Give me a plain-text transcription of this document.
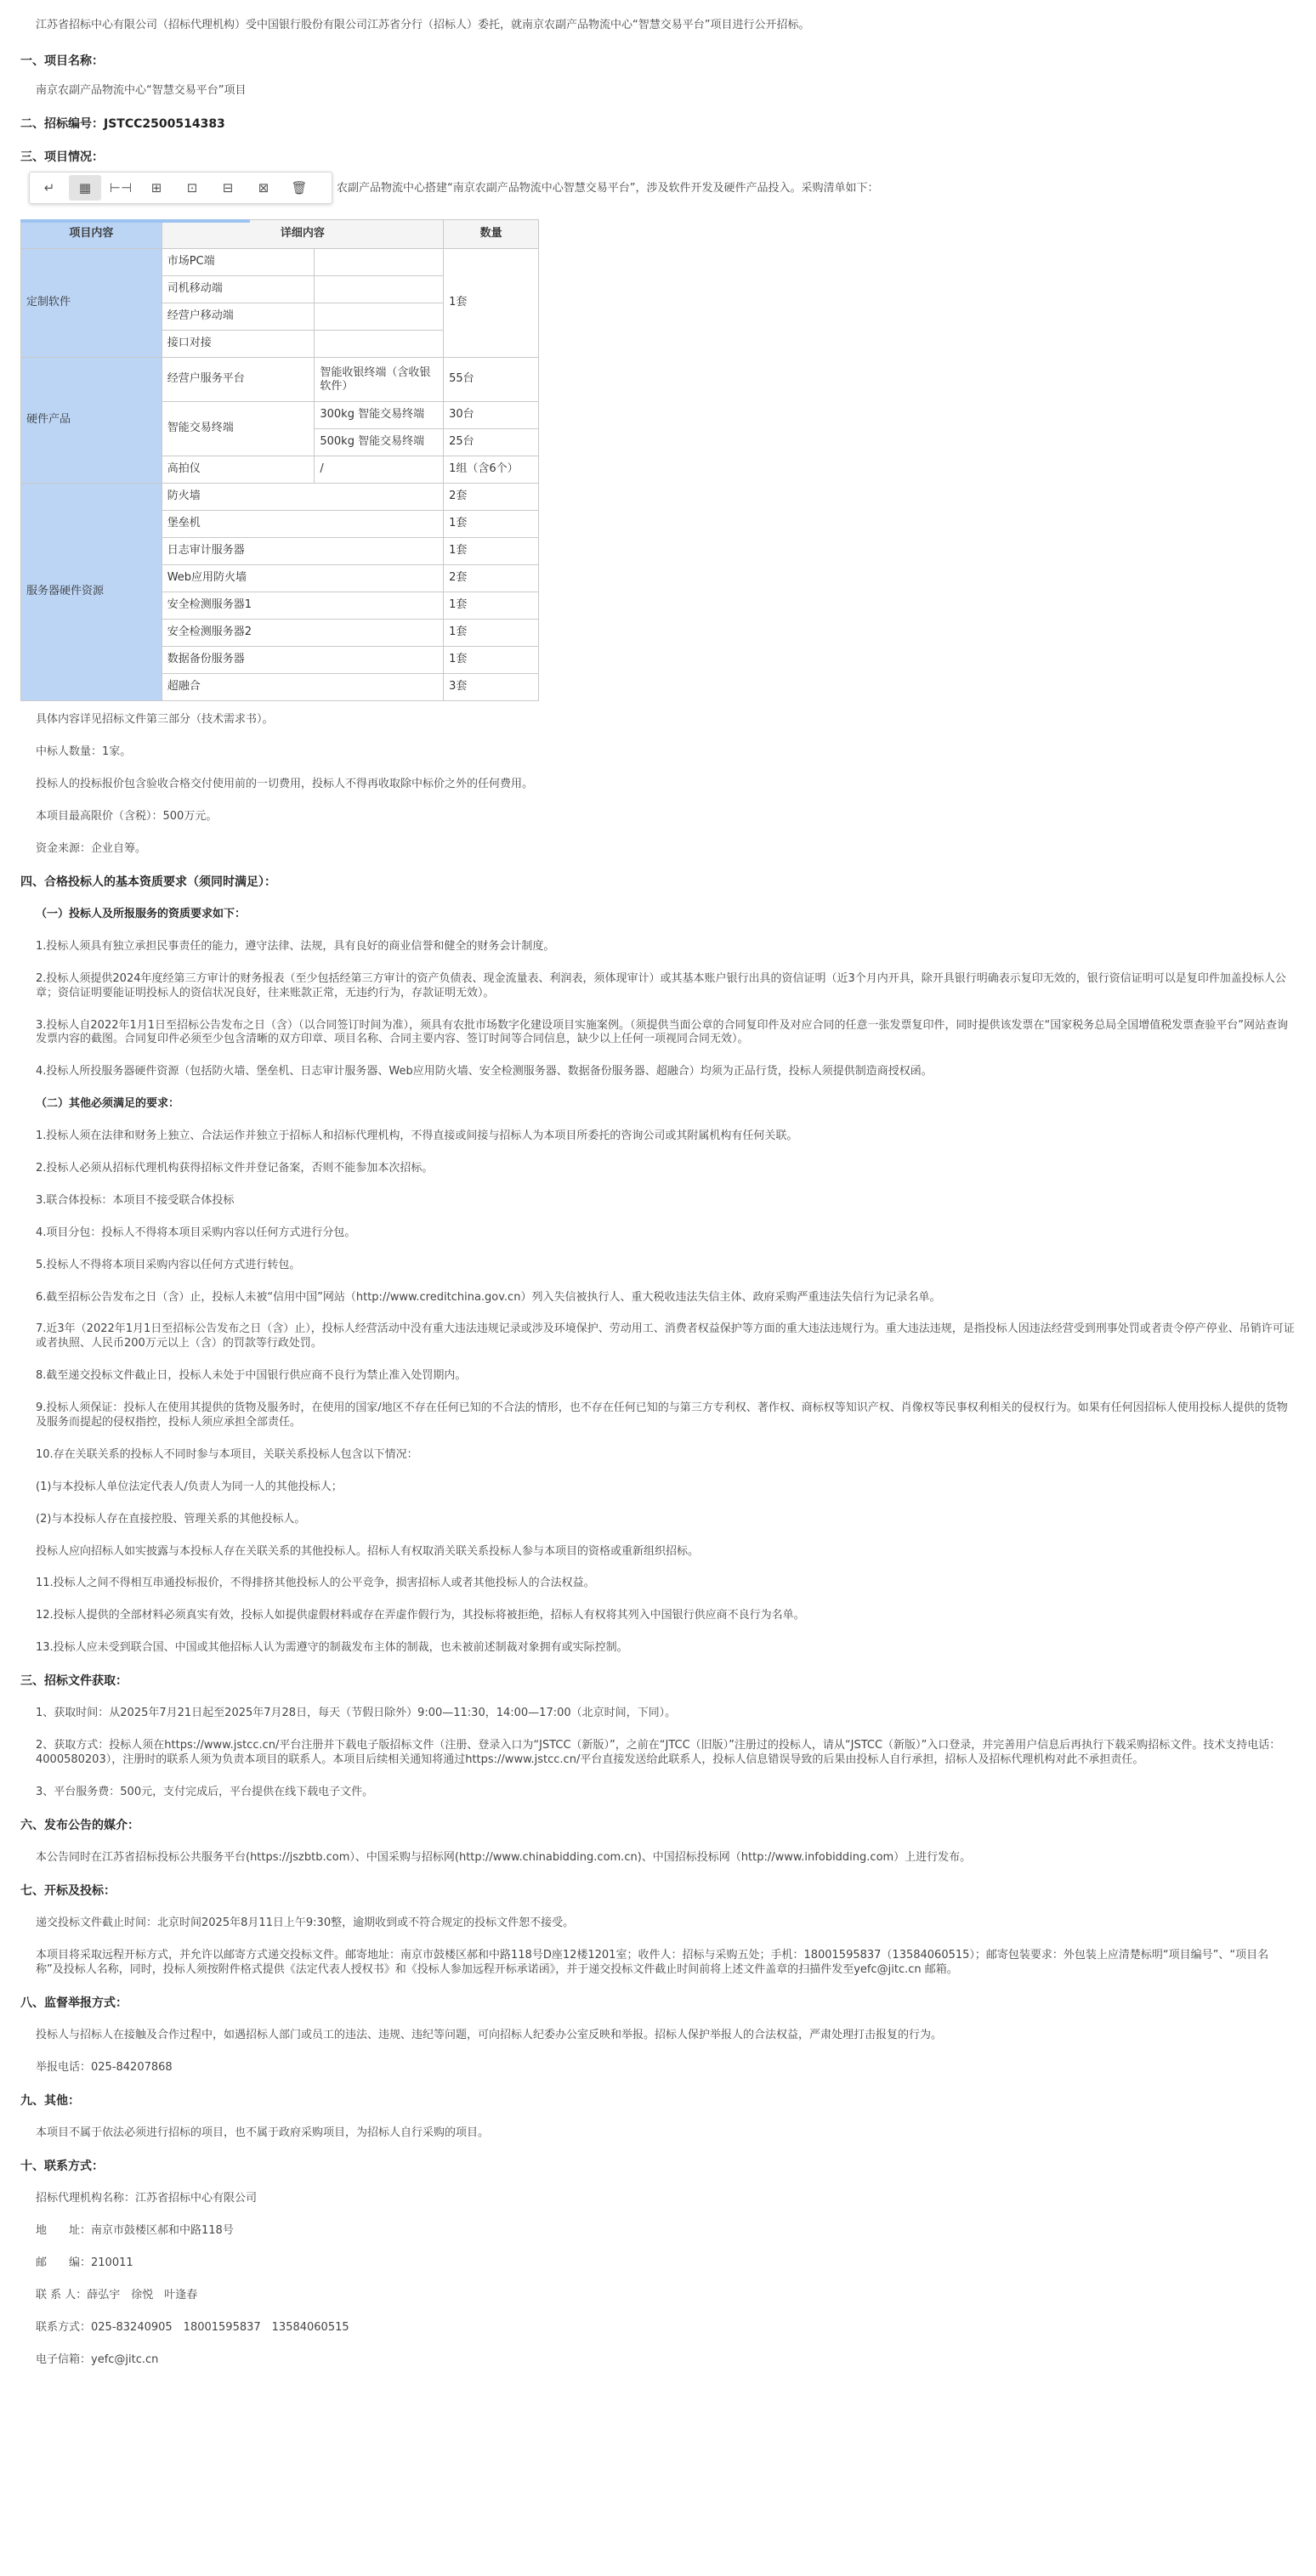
江苏省招标中心有限公司（招标代理机构）受中国银行股份有限公司江苏省分行（招标人）委托，就南京农副产品物流中心“智慧交易平台”项目进行公开招标。

一、项目名称：

南京农副产品物流中心“智慧交易平台”项目

二、招标编号：JSTCC2500514383

三、项目情况：

↵	▦	⊢⊣	⊞	⊡	⊟	⊠	🗑	农副产品物流中心搭建“南京农副产品物流中心智慧交易平台”，涉及软件开发及硬件产品投入。采购清单如下：
项目内容	详细内容		数量
定制软件	市场PC端		1套
	司机移动端		
	经营户移动端		
	接口对接		
硬件产品	经营户服务平台	智能收银终端（含收银软件）	55台
	智能交易终端	300kg 智能交易终端	30台
		500kg 智能交易终端	25台
	高拍仪	/	1组（含6个）
服务器硬件资源	防火墙		2套
	堡垒机		1套
	日志审计服务器		1套
	Web应用防火墙		2套
	安全检测服务器1		1套
	安全检测服务器2		1套
	数据备份服务器		1套
	超融合		3套

具体内容详见招标文件第三部分（技术需求书）。

中标人数量：1家。

投标人的投标报价包含验收合格交付使用前的一切费用，投标人不得再收取除中标价之外的任何费用。

本项目最高限价（含税）：500万元。

资金来源：企业自筹。

四、合格投标人的基本资质要求（须同时满足）：

（一）投标人及所报服务的资质要求如下：

1.投标人须具有独立承担民事责任的能力，遵守法律、法规，具有良好的商业信誉和健全的财务会计制度。

2.投标人须提供2024年度经第三方审计的财务报表（至少包括经第三方审计的资产负债表、现金流量表、利润表，须体现审计）或其基本账户银行出具的资信证明（近3个月内开具，除开具银行明确表示复印无效的，银行资信证明可以是复印件加盖投标人公章；资信证明要能证明投标人的资信状况良好，往来账款正常，无违约行为，存款证明无效）。

3.投标人自2022年1月1日至招标公告发布之日（含）（以合同签订时间为准），须具有农批市场数字化建设项目实施案例。（须提供当面公章的合同复印件及对应合同的任意一张发票复印件，同时提供该发票在“国家税务总局全国增值税发票查验平台”网站查询发票内容的截图。合同复印件必须至少包含清晰的双方印章、项目名称、合同主要内容、签订时间等合同信息，缺少以上任何一项视同合同无效）。

4.投标人所投服务器硬件资源（包括防火墙、堡垒机、日志审计服务器、Web应用防火墙、安全检测服务器、数据备份服务器、超融合）均须为正品行货，投标人须提供制造商授权函。

（二）其他必须满足的要求：

1.投标人须在法律和财务上独立、合法运作并独立于招标人和招标代理机构，不得直接或间接与招标人为本项目所委托的咨询公司或其附属机构有任何关联。

2.投标人必须从招标代理机构获得招标文件并登记备案，否则不能参加本次招标。

3.联合体投标：本项目不接受联合体投标

4.项目分包：投标人不得将本项目采购内容以任何方式进行分包。

5.投标人不得将本项目采购内容以任何方式进行转包。

6.截至招标公告发布之日（含）止，投标人未被“信用中国”网站（http://www.creditchina.gov.cn）列入失信被执行人、重大税收违法失信主体、政府采购严重违法失信行为记录名单。

7.近3年（2022年1月1日至招标公告发布之日（含）止），投标人经营活动中没有重大违法违规记录或涉及环境保护、劳动用工、消费者权益保护等方面的重大违法违规行为。重大违法违规，是指投标人因违法经营受到刑事处罚或者责令停产停业、吊销许可证或者执照、人民币200万元以上（含）的罚款等行政处罚。

8.截至递交投标文件截止日，投标人未处于中国银行供应商不良行为禁止准入处罚期内。

9.投标人须保证：投标人在使用其提供的货物及服务时，在使用的国家/地区不存在任何已知的不合法的情形，也不存在任何已知的与第三方专利权、著作权、商标权等知识产权、肖像权等民事权利相关的侵权行为。如果有任何因招标人使用投标人提供的货物及服务而提起的侵权指控，投标人须应承担全部责任。

10.存在关联关系的投标人不同时参与本项目，关联关系投标人包含以下情况：

(1)与本投标人单位法定代表人/负责人为同一人的其他投标人；

(2)与本投标人存在直接控股、管理关系的其他投标人。

投标人应向招标人如实披露与本投标人存在关联关系的其他投标人。招标人有权取消关联关系投标人参与本项目的资格或重新组织招标。

11.投标人之间不得相互串通投标报价，不得排挤其他投标人的公平竞争，损害招标人或者其他投标人的合法权益。

12.投标人提供的全部材料必须真实有效，投标人如提供虚假材料或存在弄虚作假行为，其投标将被拒绝，招标人有权将其列入中国银行供应商不良行为名单。

13.投标人应未受到联合国、中国或其他招标人认为需遵守的制裁发布主体的制裁，也未被前述制裁对象拥有或实际控制。

三、招标文件获取：

1、获取时间：从2025年7月21日起至2025年7月28日，每天（节假日除外）9:00—11:30，14:00—17:00（北京时间，下同）。

2、获取方式：投标人须在https://www.jstcc.cn/平台注册并下载电子版招标文件（注册、登录入口为“JSTCC（新版）”，之前在“JTCC（旧版）”注册过的投标人，请从“JSTCC（新版）”入口登录，并完善用户信息后再执行下载采购招标文件。技术支持电话：4000580203），注册时的联系人须为负责本项目的联系人。本项目后续相关通知将通过https://www.jstcc.cn/平台直接发送给此联系人，投标人信息错误导致的后果由投标人自行承担，招标人及招标代理机构对此不承担责任。

3、平台服务费：500元，支付完成后，平台提供在线下载电子文件。

六、发布公告的媒介：

本公告同时在江苏省招标投标公共服务平台(https://jszbtb.com）、中国采购与招标网(http://www.chinabidding.com.cn)、中国招标投标网（http://www.infobidding.com）上进行发布。

七、开标及投标：

递交投标文件截止时间：北京时间2025年8月11日上午9:30整，逾期收到或不符合规定的投标文件恕不接受。

本项目将采取远程开标方式，并允许以邮寄方式递交投标文件。邮寄地址：南京市鼓楼区郝和中路118号D座12楼1201室；收件人：招标与采购五处；手机：18001595837（13584060515）；邮寄包装要求：外包装上应清楚标明“项目编号”、“项目名称”及投标人名称，同时，投标人须按附件格式提供《法定代表人授权书》和《投标人参加远程开标承诺函》，并于递交投标文件截止时间前将上述文件盖章的扫描件发至yefc@jitc.cn 邮箱。

八、监督举报方式：

投标人与招标人在接触及合作过程中，如遇招标人部门或员工的违法、违规、违纪等问题，可向招标人纪委办公室反映和举报。招标人保护举报人的合法权益，严肃处理打击报复的行为。

举报电话：025-84207868

九、其他：

本项目不属于依法必须进行招标的项目，也不属于政府采购项目，为招标人自行采购的项目。

十、联系方式：

招标代理机构名称：江苏省招标中心有限公司

地　　址：南京市鼓楼区郝和中路118号

邮　　编：210011

联 系 人：薛弘宇　徐悦　叶逢春

联系方式：025-83240905　18001595837　13584060515

电子信箱：yefc@jitc.cn
